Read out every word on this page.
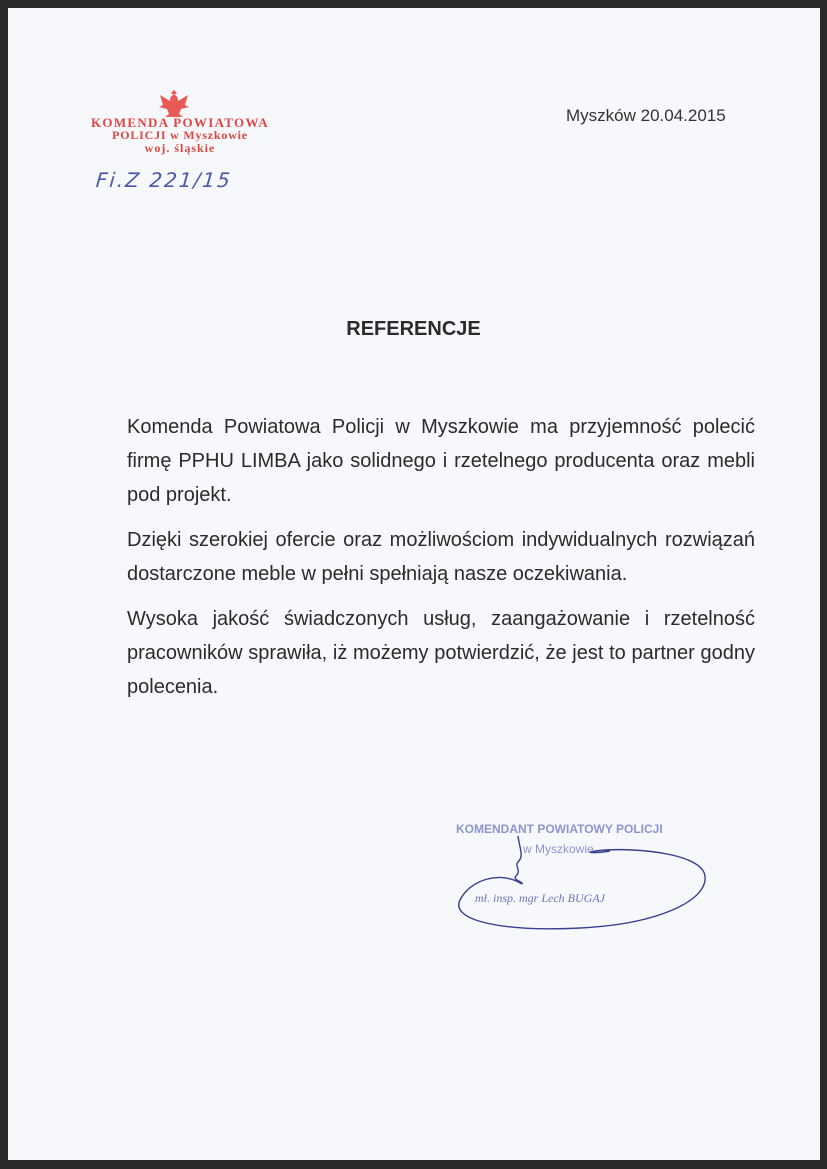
KOMENDA POWIATOWA
POLICJI w Myszkowie
woj. śląskie
Fi.Z 221/15
Myszków 20.04.2015
REFERENCJE

Komenda Powiatowa Policji w Myszkowie ma przyjemność polecić firmę PPHU LIMBA jako solidnego i rzetelnego producenta oraz mebli pod projekt.

Dzięki szerokiej ofercie oraz możliwościom indywidualnych rozwiązań dostarczone meble w pełni spełniają nasze oczekiwania.

Wysoka jakość świadczonych usług, zaangażowanie i rzetelność pracowników sprawiła, iż możemy potwierdzić, że jest to partner godny polecenia.

KOMENDANT POWIATOWY POLICJI
w Myszkowie
mł. insp. mgr Lech BUGAJ
